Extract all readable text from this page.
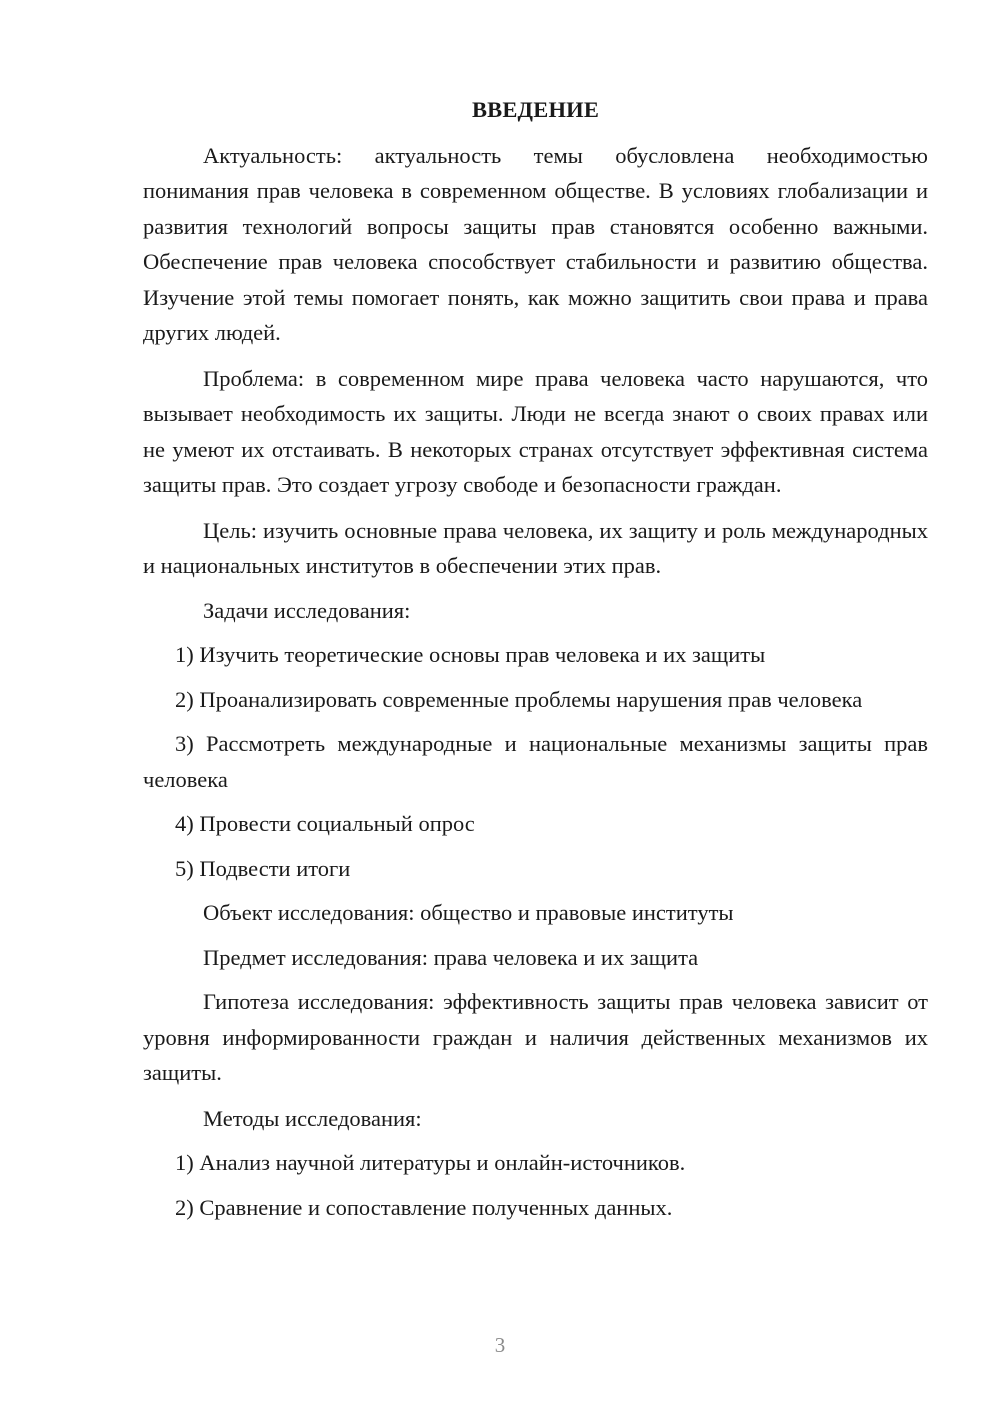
ВВЕДЕНИЕ

Актуальность: актуальность темы обусловлена необходимостью понимания прав человека в современном обществе. В условиях глобализации и развития технологий вопросы защиты прав становятся особенно важными. Обеспечение прав человека способствует стабильности и развитию общества. Изучение этой темы помогает понять, как можно защитить свои права и права других людей.

Проблема: в современном мире права человека часто нарушаются, что вызывает необходимость их защиты. Люди не всегда знают о своих правах или не умеют их отстаивать. В некоторых странах отсутствует эффективная система защиты прав. Это создает угрозу свободе и безопасности граждан.

Цель: изучить основные права человека, их защиту и роль международных и национальных институтов в обеспечении этих прав.

Задачи исследования:

1) Изучить теоретические основы прав человека и их защиты

2) Проанализировать современные проблемы нарушения прав человека

3) Рассмотреть международные и национальные механизмы защиты прав человека

4) Провести социальный опрос

5) Подвести итоги

Объект исследования: общество и правовые институты

Предмет исследования: права человека и их защита

Гипотеза исследования: эффективность защиты прав человека зависит от уровня информированности граждан и наличия действенных механизмов их защиты.

Методы исследования:

1) Анализ научной литературы и онлайн-источников.

2) Сравнение и сопоставление полученных данных.

3
